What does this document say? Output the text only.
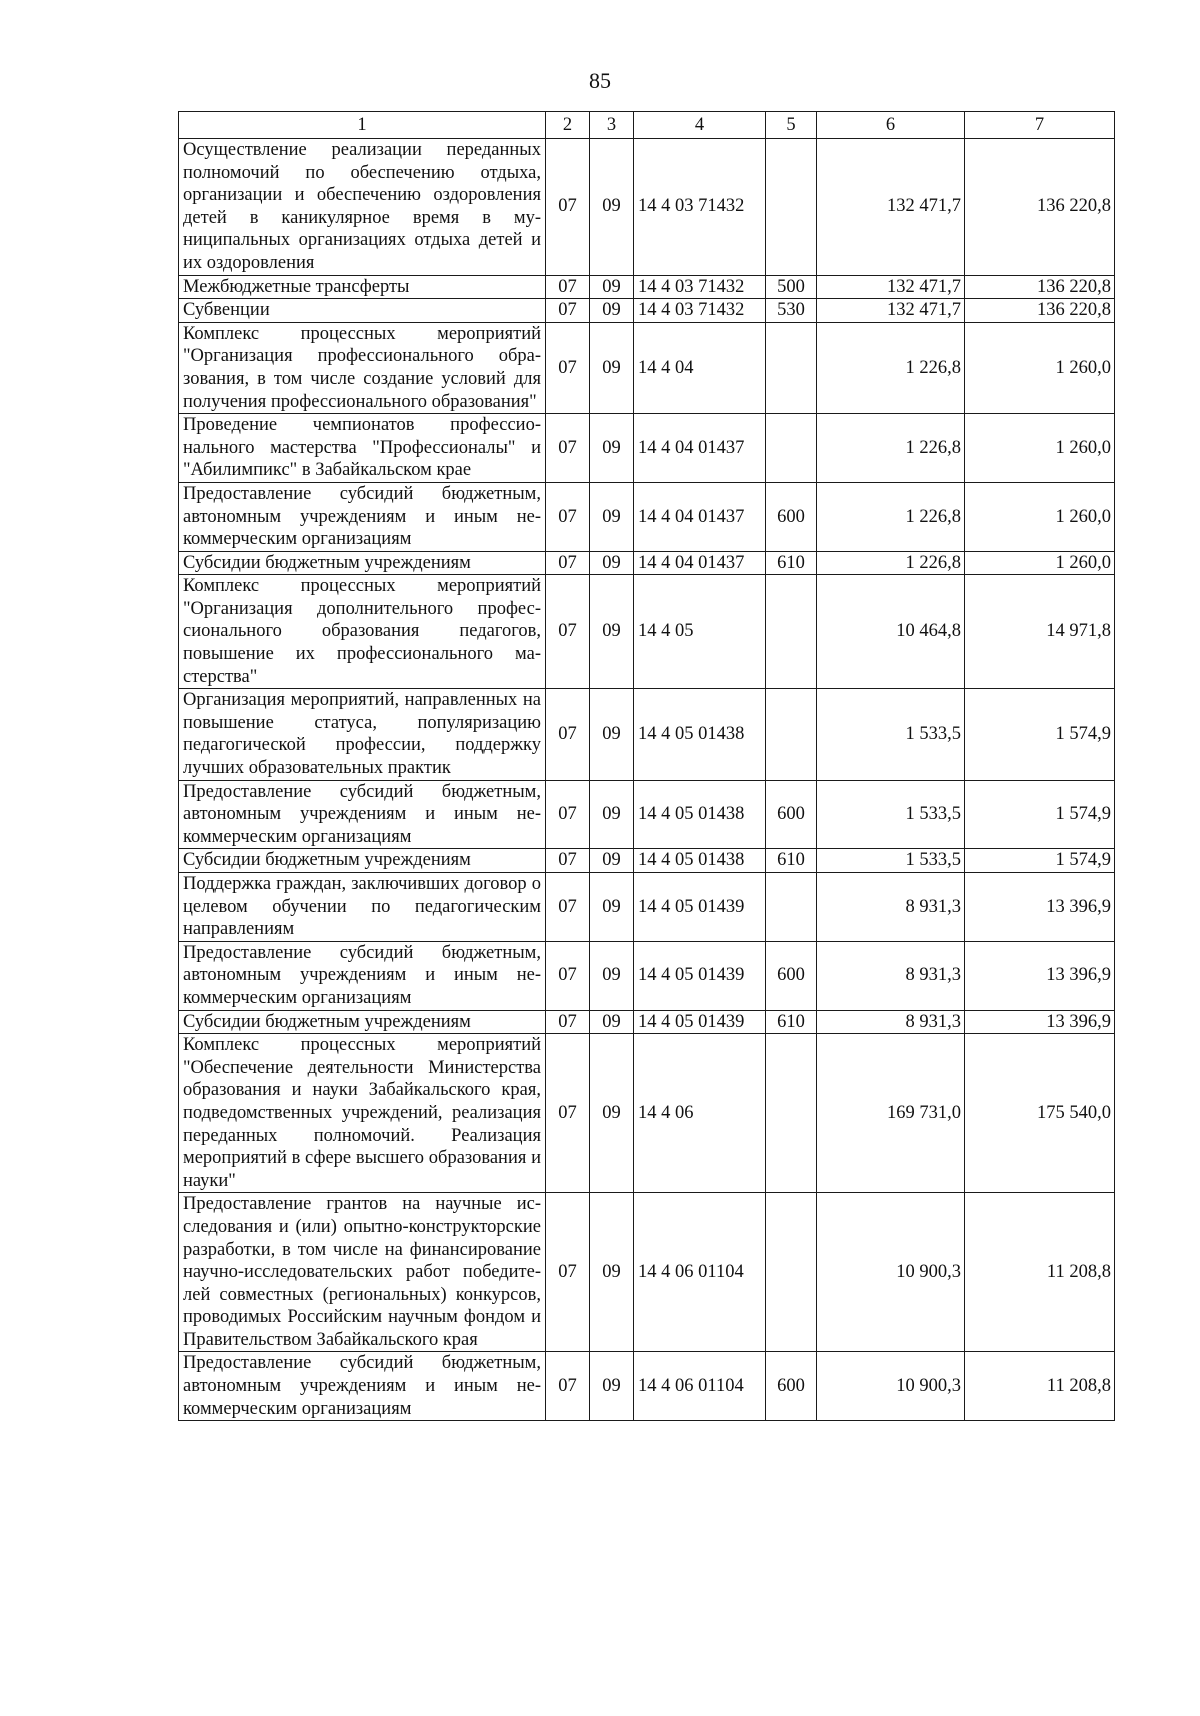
85
1	2	3	4	5	6	7
Осуществление реализации переданных полномочий по обеспечению отдыха, организации и обеспечению оздоровления детей в каникулярное время в муниципальных организациях отдыха детей и их оздоровления	07	09	14 4 03 71432		132 471,7	136 220,8
Межбюджетные трансферты	07	09	14 4 03 71432	500	132 471,7	136 220,8
Субвенции	07	09	14 4 03 71432	530	132 471,7	136 220,8
Комплекс процессных мероприятий "Организация профессионального образования, в том числе создание условий для получения профессионального образования"	07	09	14 4 04		1 226,8	1 260,0
Проведение чемпионатов профессионального мастерства "Профессионалы" и "Абилимпикс" в Забайкальском крае	07	09	14 4 04 01437		1 226,8	1 260,0
Предоставление субсидий бюджетным, автономным учреждениям и иным некоммерческим организациям	07	09	14 4 04 01437	600	1 226,8	1 260,0
Субсидии бюджетным учреждениям	07	09	14 4 04 01437	610	1 226,8	1 260,0
Комплекс процессных мероприятий "Организация дополнительного профессионального образования педагогов, повышение их профессионального мастерства"	07	09	14 4 05		10 464,8	14 971,8
Организация мероприятий, направленных на повышение статуса, популяризацию педагогической профессии, поддержку лучших образовательных практик	07	09	14 4 05 01438		1 533,5	1 574,9
Предоставление субсидий бюджетным, автономным учреждениям и иным некоммерческим организациям	07	09	14 4 05 01438	600	1 533,5	1 574,9
Субсидии бюджетным учреждениям	07	09	14 4 05 01438	610	1 533,5	1 574,9
Поддержка граждан, заключивших договор о целевом обучении по педагогическим направлениям	07	09	14 4 05 01439		8 931,3	13 396,9
Предоставление субсидий бюджетным, автономным учреждениям и иным некоммерческим организациям	07	09	14 4 05 01439	600	8 931,3	13 396,9
Субсидии бюджетным учреждениям	07	09	14 4 05 01439	610	8 931,3	13 396,9
Комплекс процессных мероприятий "Обеспечение деятельности Министерства образования и науки Забайкальского края, подведомственных учреждений, реализация переданных полномочий. Реализация мероприятий в сфере высшего образования и науки"	07	09	14 4 06		169 731,0	175 540,0
Предоставление грантов на научные исследования и (или) опытно-конструкторские разработки, в том числе на финансирование научно-исследовательских работ победителей совместных (региональных) конкурсов, проводимых Российским научным фондом и Правительством Забайкальского края	07	09	14 4 06 01104		10 900,3	11 208,8
Предоставление субсидий бюджетным, автономным учреждениям и иным некоммерческим организациям	07	09	14 4 06 01104	600	10 900,3	11 208,8
